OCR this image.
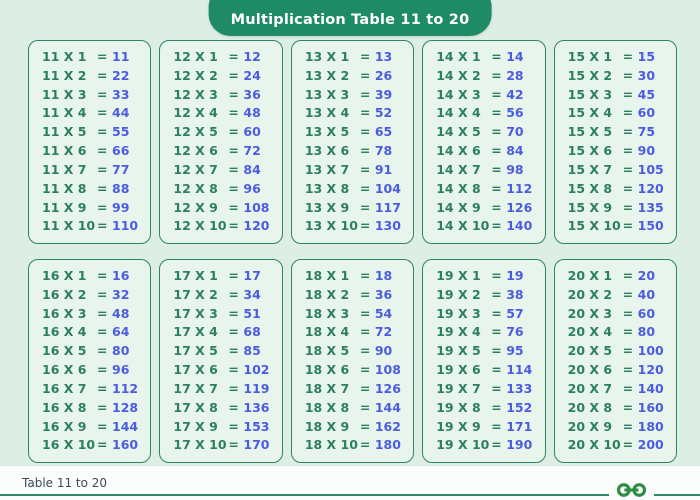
Multiplication Table 11 to 20
11 X 1 = 11
11 X 2 = 22
11 X 3 = 33
11 X 4 = 44
11 X 5 = 55
11 X 6 = 66
11 X 7 = 77
11 X 8 = 88
11 X 9 = 99
11 X 10 = 110
12 X 1 = 12
12 X 2 = 24
12 X 3 = 36
12 X 4 = 48
12 X 5 = 60
12 X 6 = 72
12 X 7 = 84
12 X 8 = 96
12 X 9 = 108
12 X 10 = 120
13 X 1 = 13
13 X 2 = 26
13 X 3 = 39
13 X 4 = 52
13 X 5 = 65
13 X 6 = 78
13 X 7 = 91
13 X 8 = 104
13 X 9 = 117
13 X 10 = 130
14 X 1 = 14
14 X 2 = 28
14 X 3 = 42
14 X 4 = 56
14 X 5 = 70
14 X 6 = 84
14 X 7 = 98
14 X 8 = 112
14 X 9 = 126
14 X 10 = 140
15 X 1 = 15
15 X 2 = 30
15 X 3 = 45
15 X 4 = 60
15 X 5 = 75
15 X 6 = 90
15 X 7 = 105
15 X 8 = 120
15 X 9 = 135
15 X 10 = 150
16 X 1 = 16
16 X 2 = 32
16 X 3 = 48
16 X 4 = 64
16 X 5 = 80
16 X 6 = 96
16 X 7 = 112
16 X 8 = 128
16 X 9 = 144
16 X 10 = 160
17 X 1 = 17
17 X 2 = 34
17 X 3 = 51
17 X 4 = 68
17 X 5 = 85
17 X 6 = 102
17 X 7 = 119
17 X 8 = 136
17 X 9 = 153
17 X 10 = 170
18 X 1 = 18
18 X 2 = 36
18 X 3 = 54
18 X 4 = 72
18 X 5 = 90
18 X 6 = 108
18 X 7 = 126
18 X 8 = 144
18 X 9 = 162
18 X 10 = 180
19 X 1 = 19
19 X 2 = 38
19 X 3 = 57
19 X 4 = 76
19 X 5 = 95
19 X 6 = 114
19 X 7 = 133
19 X 8 = 152
19 X 9 = 171
19 X 10 = 190
20 X 1 = 20
20 X 2 = 40
20 X 3 = 60
20 X 4 = 80
20 X 5 = 100
20 X 6 = 120
20 X 7 = 140
20 X 8 = 160
20 X 9 = 180
20 X 10 = 200
Table 11 to 20
